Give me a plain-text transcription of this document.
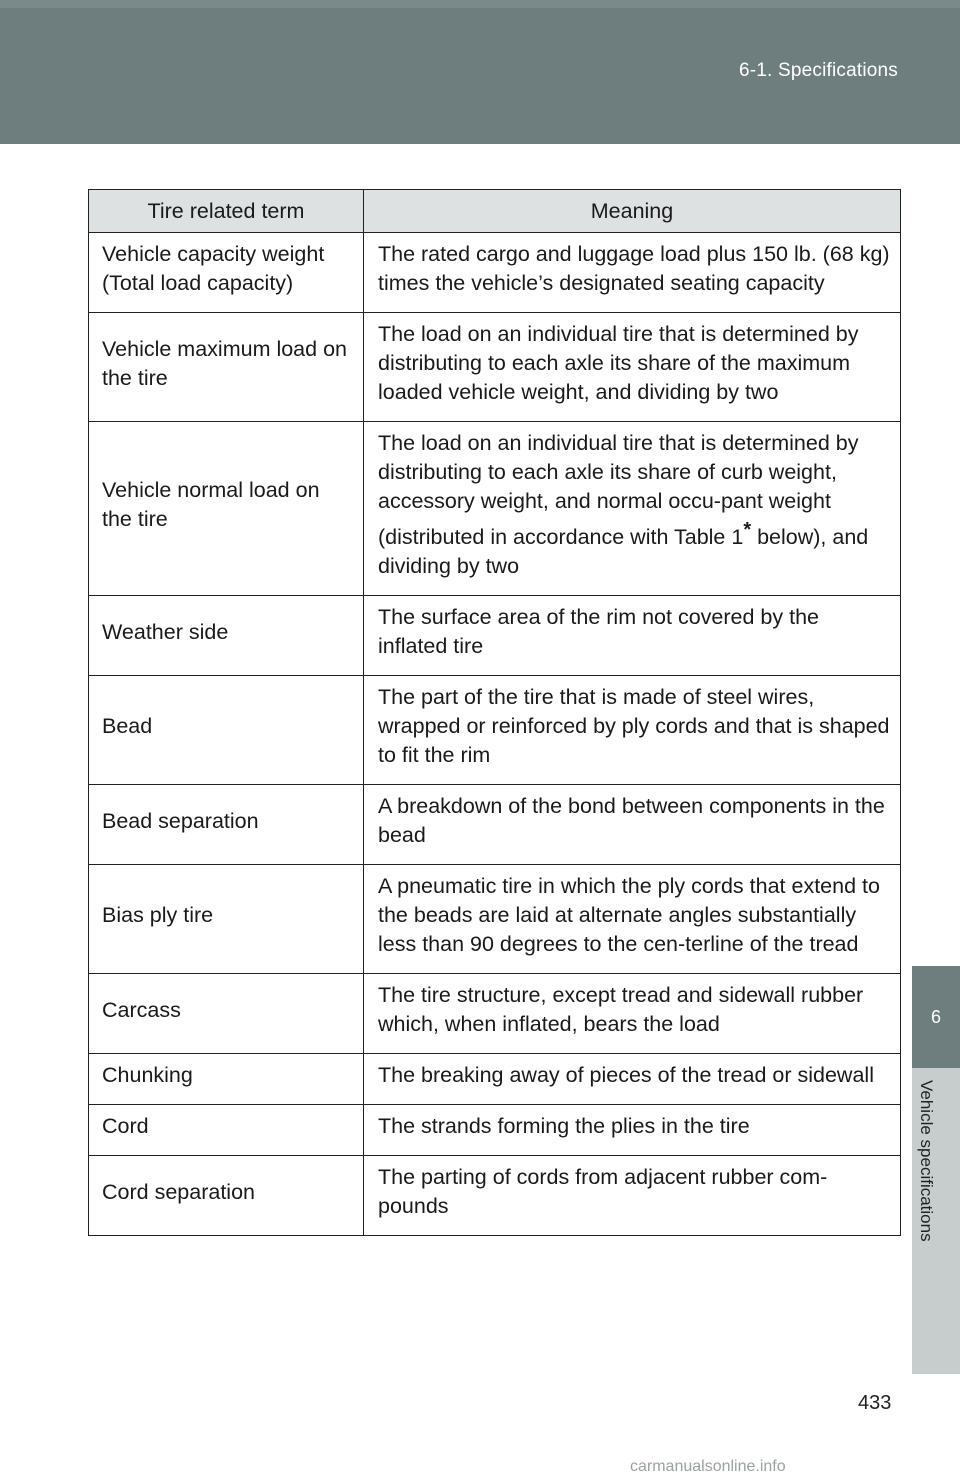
6-1. Specifications
6
Vehicle specifications
Tire related term	Meaning
Vehicle capacity weight (Total load capacity)	The rated cargo and luggage load plus 150 lb. (68 kg) times the vehicle’s designated seating capacity
Vehicle maximum load on the tire	The load on an individual tire that is determined by distributing to each axle its share of the maximum loaded vehicle weight, and dividing by two
Vehicle normal load on the tire	The load on an individual tire that is determined by distributing to each axle its share of curb weight, accessory weight, and normal occu-pant weight (distributed in accordance with Table 1* below), and dividing by two
Weather side	The surface area of the rim not covered by the inflated tire
Bead	The part of the tire that is made of steel wires, wrapped or reinforced by ply cords and that is shaped to fit the rim
Bead separation	A breakdown of the bond between components in the bead
Bias ply tire	A pneumatic tire in which the ply cords that extend to the beads are laid at alternate angles substantially less than 90 degrees to the cen-terline of the tread
Carcass	The tire structure, except tread and sidewall rubber which, when inflated, bears the load
Chunking	The breaking away of pieces of the tread or sidewall
Cord	The strands forming the plies in the tire
Cord separation	The parting of cords from adjacent rubber com-pounds
433
carmanualsonline.info
